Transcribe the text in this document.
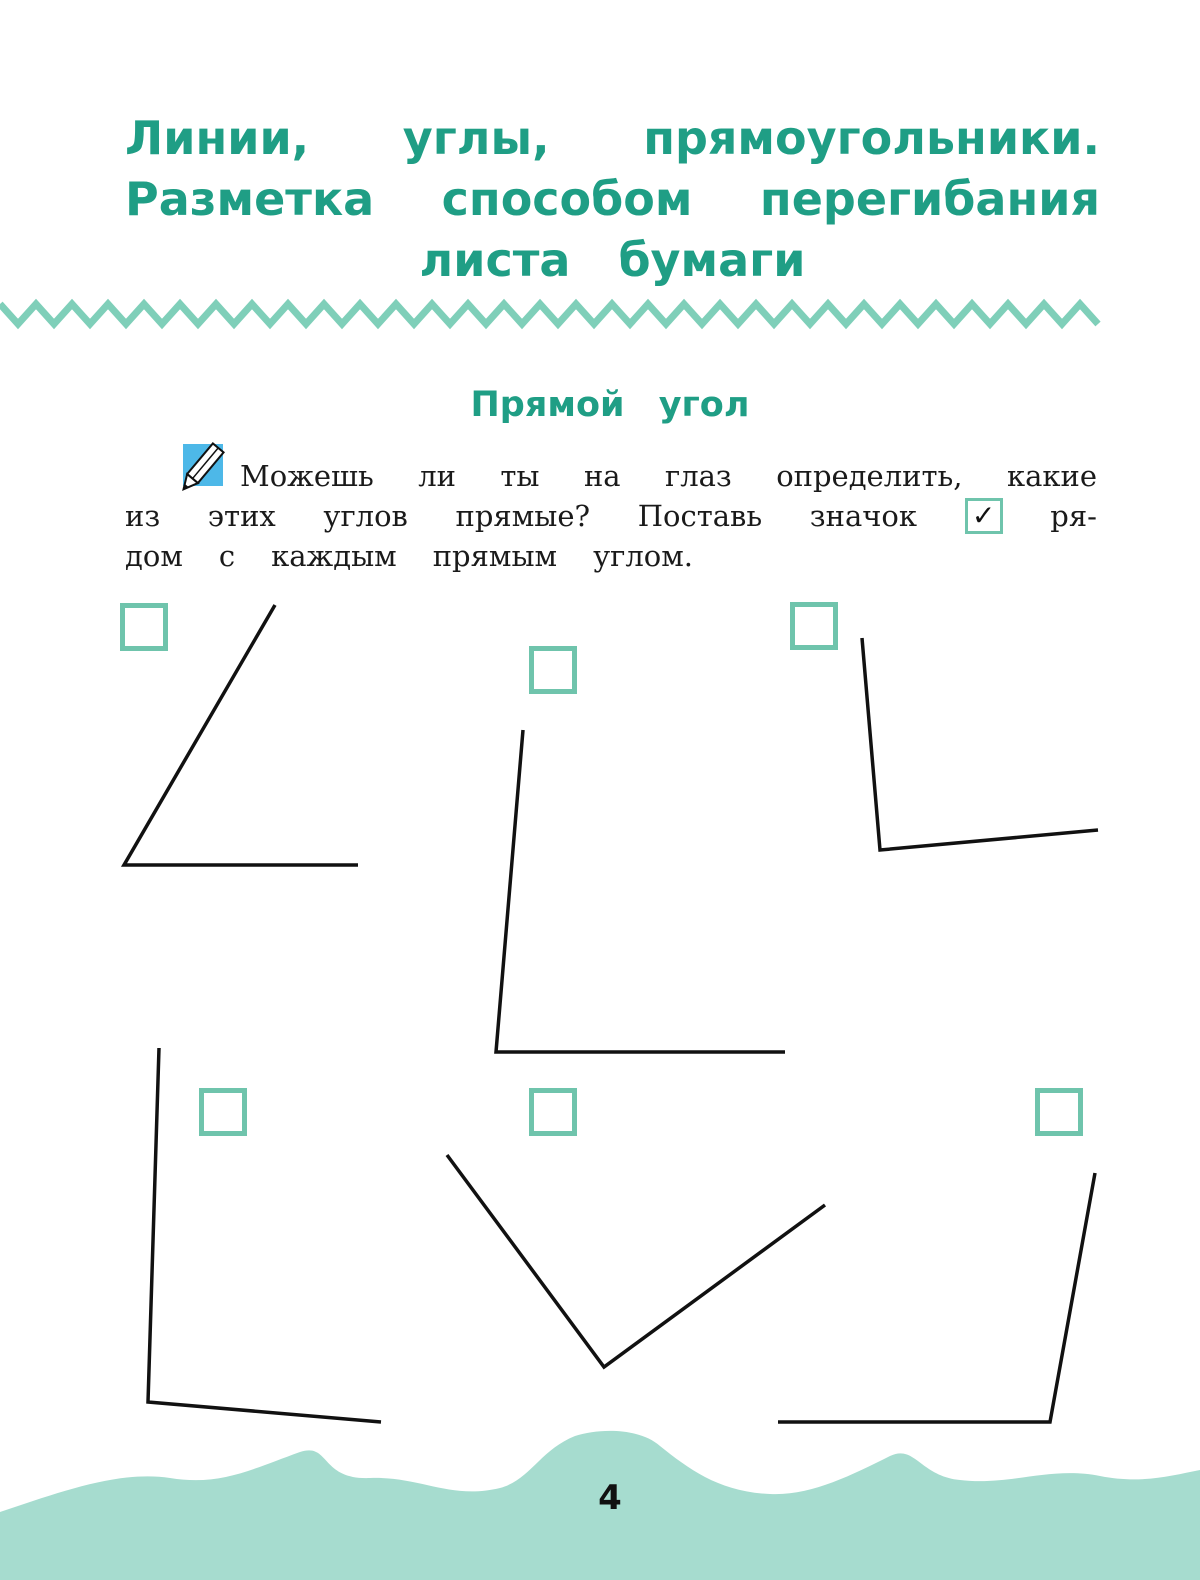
Линии, углы, прямоугольники.
Разметка способом перегибания
листа бумаги
Прямой угол
Можешь ли ты на глаз определить, какие
из этих углов прямые? Поставь значок ✓ ря-
дом с каждым прямым углом.
4
